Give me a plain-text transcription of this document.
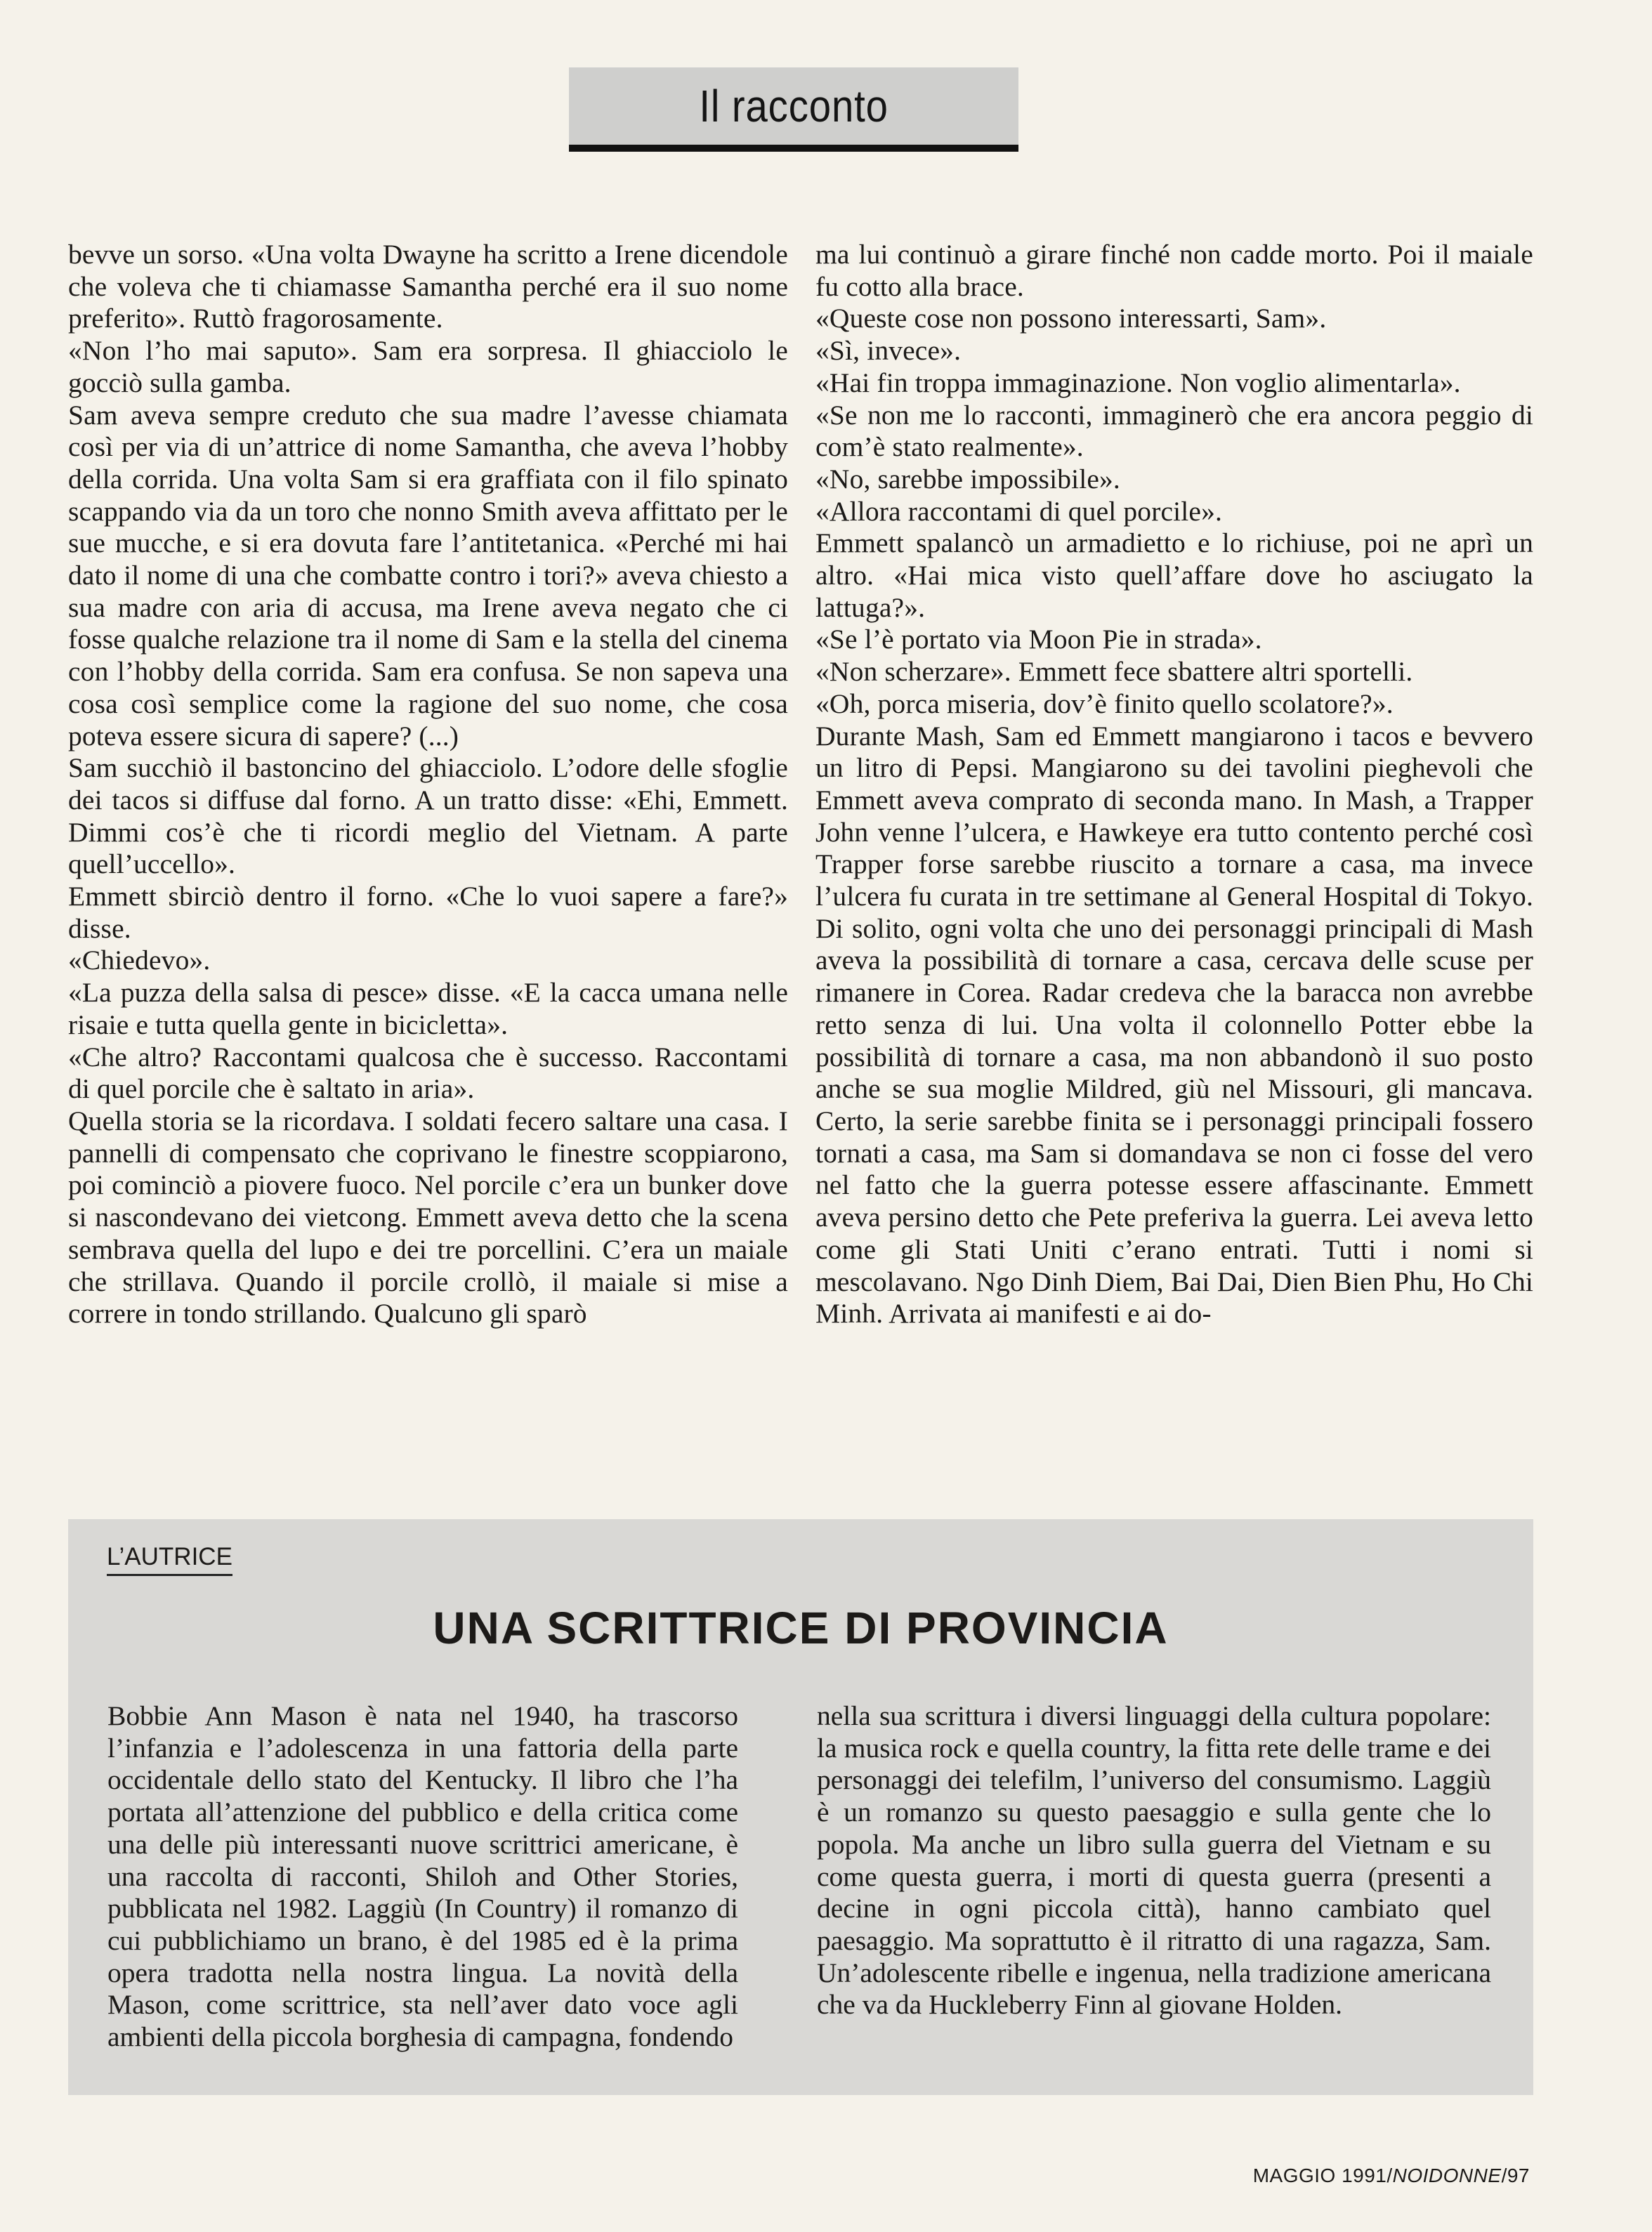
Il racconto

bevve un sorso. «Una volta Dwayne ha scritto a Irene dicendole che voleva che ti chiamasse Samantha perché era il suo nome preferito». Ruttò fragorosamente.

«Non l’ho mai saputo». Sam era sorpresa. Il ghiacciolo le gocciò sulla gamba.

Sam aveva sempre creduto che sua madre l’avesse chiamata così per via di un’attrice di nome Samantha, che aveva l’hobby della corrida. Una volta Sam si era graffiata con il filo spinato scappando via da un toro che nonno Smith aveva affittato per le sue mucche, e si era dovuta fare l’antitetanica. «Perché mi hai dato il nome di una che combatte contro i tori?» aveva chiesto a sua madre con aria di accusa, ma Irene aveva negato che ci fosse qualche relazione tra il nome di Sam e la stella del cinema con l’hobby della corrida. Sam era confusa. Se non sapeva una cosa così semplice come la ragione del suo nome, che cosa poteva essere sicura di sapere? (...)

Sam succhiò il bastoncino del ghiacciolo. L’odore delle sfoglie dei tacos si diffuse dal forno. A un tratto disse: «Ehi, Emmett. Dimmi cos’è che ti ricordi meglio del Vietnam. A parte quell’uccello».

Emmett sbirciò dentro il forno. «Che lo vuoi sapere a fare?» disse.

«Chiedevo».

«La puzza della salsa di pesce» disse. «E la cacca umana nelle risaie e tutta quella gente in bicicletta».

«Che altro? Raccontami qualcosa che è successo. Raccontami di quel porcile che è saltato in aria».

Quella storia se la ricordava. I soldati fecero saltare una casa. I pannelli di compensato che coprivano le finestre scoppiarono, poi cominciò a piovere fuoco. Nel porcile c’era un bunker dove si nascondevano dei vietcong. Emmett aveva detto che la scena sembrava quella del lupo e dei tre porcellini. C’era un maiale che strillava. Quando il porcile crollò, il maiale si mise a correre in tondo strillando. Qualcuno gli sparò

ma lui continuò a girare finché non cadde morto. Poi il maiale fu cotto alla brace.

«Queste cose non possono interessarti, Sam».

«Sì, invece».

«Hai fin troppa immaginazione. Non voglio alimentarla».

«Se non me lo racconti, immaginerò che era ancora peggio di com’è stato realmente».

«No, sarebbe impossibile».

«Allora raccontami di quel porcile».

Emmett spalancò un armadietto e lo richiuse, poi ne aprì un altro. «Hai mica visto quell’affare dove ho asciugato la lattuga?».

«Se l’è portato via Moon Pie in strada».

«Non scherzare». Emmett fece sbattere altri sportelli.

«Oh, porca miseria, dov’è finito quello scolatore?».

Durante Mash, Sam ed Emmett mangiarono i tacos e bevvero un litro di Pepsi. Mangiarono su dei tavolini pieghevoli che Emmett aveva comprato di seconda mano. In Mash, a Trapper John venne l’ulcera, e Hawkeye era tutto contento perché così Trapper forse sarebbe riuscito a tornare a casa, ma invece l’ulcera fu curata in tre settimane al General Hospital di Tokyo. Di solito, ogni volta che uno dei personaggi principali di Mash aveva la possibilità di tornare a casa, cercava delle scuse per rimanere in Corea. Radar credeva che la baracca non avrebbe retto senza di lui. Una volta il colonnello Potter ebbe la possibilità di tornare a casa, ma non abbandonò il suo posto anche se sua moglie Mildred, giù nel Missouri, gli mancava. Certo, la serie sarebbe finita se i personaggi principali fossero tornati a casa, ma Sam si domandava se non ci fosse del vero nel fatto che la guerra potesse essere affascinante. Emmett aveva persino detto che Pete preferiva la guerra. Lei aveva letto come gli Stati Uniti c’erano entrati. Tutti i nomi si mescolavano. Ngo Dinh Diem, Bai Dai, Dien Bien Phu, Ho Chi Minh. Arrivata ai manifesti e ai do-

L’AUTRICE
UNA SCRITTRICE DI PROVINCIA

Bobbie Ann Mason è nata nel 1940, ha trascorso l’infanzia e l’adolescenza in una fattoria della parte occidentale dello stato del Kentucky. Il libro che l’ha portata all’attenzione del pubblico e della critica come una delle più interessanti nuove scrittrici americane, è una raccolta di racconti, Shiloh and Other Stories, pubblicata nel 1982. Laggiù (In Country) il romanzo di cui pubblichiamo un brano, è del 1985 ed è la prima opera tradotta nella nostra lingua. La novità della Mason, come scrittrice, sta nell’aver dato voce agli ambienti della piccola borghesia di campagna, fondendo

nella sua scrittura i diversi linguaggi della cultura popolare: la musica rock e quella country, la fitta rete delle trame e dei personaggi dei telefilm, l’universo del consumismo. Laggiù è un romanzo su questo paesaggio e sulla gente che lo popola. Ma anche un libro sulla guerra del Vietnam e su come questa guerra, i morti di questa guerra (presenti a decine in ogni piccola città), hanno cambiato quel paesaggio. Ma soprattutto è il ritratto di una ragazza, Sam. Un’adolescente ribelle e ingenua, nella tradizione americana che va da Huckleberry Finn al giovane Holden.

MAGGIO 1991/NOIDONNE/97
